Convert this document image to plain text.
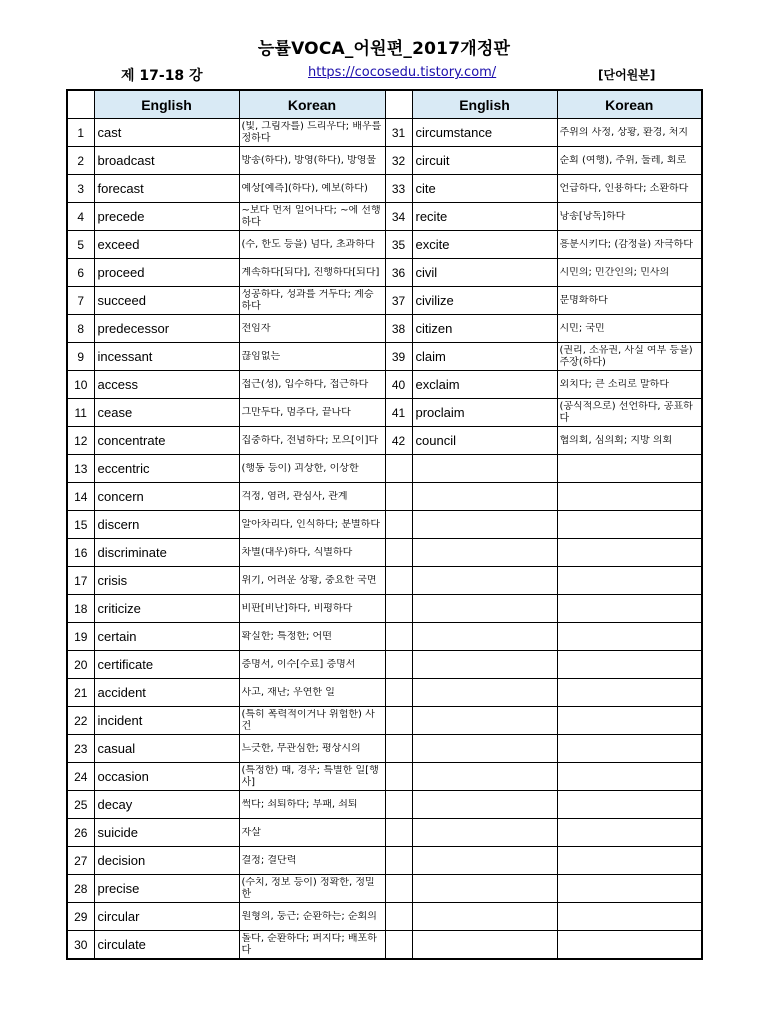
능률VOCA_어원편_2017개정판
제 17-18 강	https://cocosedu.tistory.com/	[단어원본]
	English	Korean		English	Korean
1	cast	(빛, 그림자를) 드리우다; 배우를 정하다	31	circumstance	주위의 사정, 상황, 환경, 처지

2	broadcast	방송(하다), 방영(하다), 방영물	32	circuit	순회 (여행), 주위, 둘레, 회로

3	forecast	예상[예측](하다), 예보(하다)	33	cite	언급하다, 인용하다; 소환하다

4	precede	~보다 먼저 일어나다; ~에 선행하다	34	recite	낭송[낭독]하다

5	exceed	(수, 한도 등을) 넘다, 초과하다	35	excite	흥분시키다; (감정을) 자극하다

6	proceed	계속하다[되다], 진행하다[되다]	36	civil	시민의; 민간인의; 민사의

7	succeed	성공하다, 성과를 거두다; 계승하다	37	civilize	문명화하다

8	predecessor	전임자	38	citizen	시민; 국민

9	incessant	끊임없는	39	claim	(권리, 소유권, 사실 여부 등을) 주장(하다)

10	access	접근(성), 입수하다, 접근하다	40	exclaim	외치다; 큰 소리로 말하다

11	cease	그만두다, 멈추다, 끝나다	41	proclaim	(공식적으로) 선언하다, 공표하다

12	concentrate	집중하다, 전념하다; 모으[이]다	42	council	협의회, 심의회; 지방 의회

13	eccentric	(행동 등이) 괴상한, 이상한			

14	concern	걱정, 염려, 관심사, 관계			

15	discern	알아차리다, 인식하다; 분별하다			

16	discriminate	차별(대우)하다, 식별하다			

17	crisis	위기, 어려운 상황, 중요한 국면			

18	criticize	비판[비난]하다, 비평하다			

19	certain	확실한; 특정한; 어떤			

20	certificate	증명서, 이수[수료] 증명서			

21	accident	사고, 재난; 우연한 일			

22	incident	(특히 폭력적이거나 위험한) 사건			

23	casual	느긋한, 무관심한; 평상시의			

24	occasion	(특정한) 때, 경우; 특별한 일[행사]			

25	decay	썩다; 쇠퇴하다; 부패, 쇠퇴			

26	suicide	자살			

27	decision	결정; 결단력			

28	precise	(수치, 정보 등이) 정확한, 정밀한			

29	circular	원형의, 둥근; 순환하는; 순회의			

30	circulate	돌다, 순환하다; 퍼지다; 배포하다			
